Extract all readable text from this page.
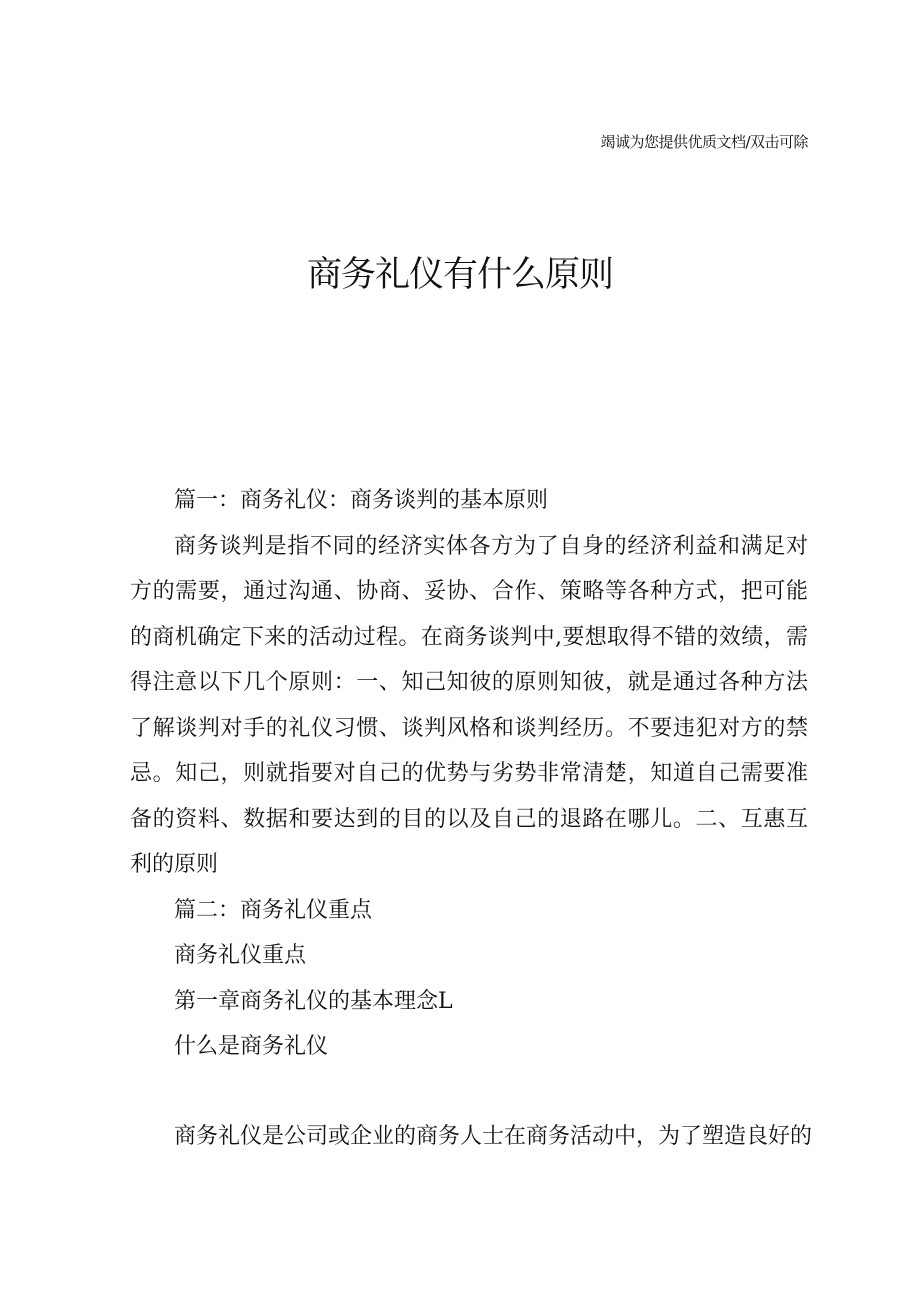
竭诚为您提供优质文档/双击可除
商务礼仪有什么原则

篇一：商务礼仪：商务谈判的基本原则

商务谈判是指不同的经济实体各方为了自身的经济利益和满足对方的需要，通过沟通、协商、妥协、合作、策略等各种方式，把可能的商机确定下来的活动过程。在商务谈判中,要想取得不错的效绩，需得注意以下几个原则：一、知己知彼的原则知彼，就是通过各种方法了解谈判对手的礼仪习惯、谈判风格和谈判经历。不要违犯对方的禁忌。知己，则就指要对自己的优势与劣势非常清楚，知道自己需要准备的资料、数据和要达到的目的以及自己的退路在哪儿。二、互惠互利的原则

篇二：商务礼仪重点

商务礼仪重点

第一章商务礼仪的基本理念L

什么是商务礼仪

商务礼仪是公司或企业的商务人士在商务活动中，为了塑造良好的
